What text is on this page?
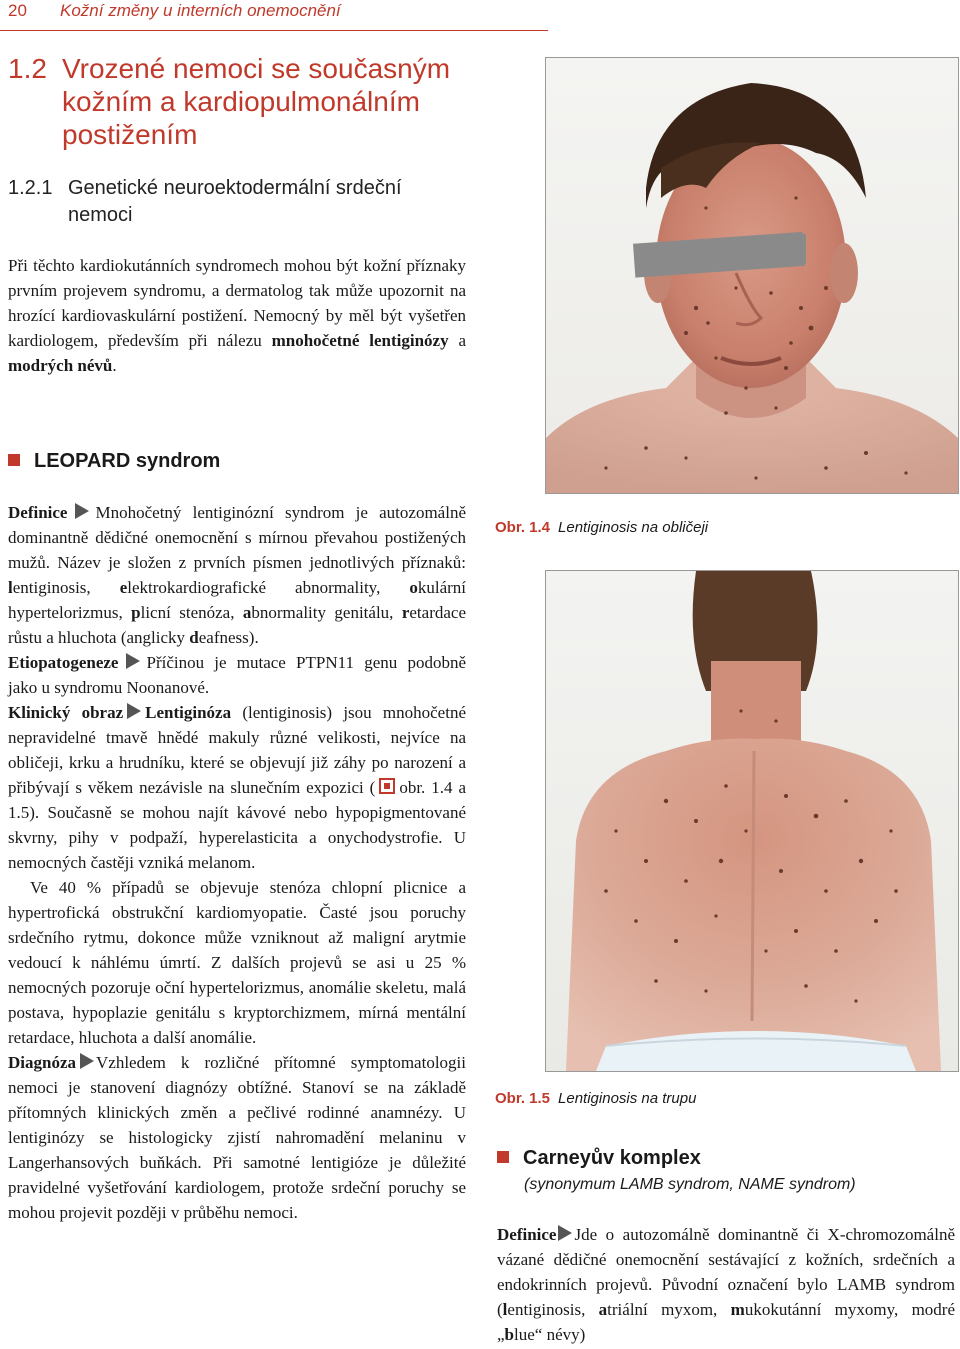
20 Kožní změny u interních onemocnění
1.2 Vrozené nemoci se současným kožním a kardiopulmonálním postižením
1.2.1 Genetické neuroektodermální srdeční nemoci
Při těchto kardiokutánních syndromech mohou být kožní příznaky prvním projevem syndromu, a dermatolog tak může upozornit na hrozící kardiovaskulární postižení. Nemocný by měl být vyšetřen kardiologem, především při nálezu mnohočetné lentiginózy a modrých névů.
LEOPARD syndrom
Definice Mnohočetný lentiginózní syndrom je autozomálně dominantně dědičné onemocnění s mírnou převahou postižených mužů. Název je složen z prvních písmen jednotlivých příznaků: lentiginosis, elektrokardiografické abnormality, okulární hypertelorizmus, plicní stenóza, abnormality genitálu, retardace růstu a hluchota (anglicky deafness).
Etiopatogeneze Příčinou je mutace PTPN11 genu podobně jako u syndromu Noonanové.
Klinický obraz Lentiginóza (lentiginosis) jsou mnohočetné nepravidelné tmavě hnědé makuly různé velikosti, nejvíce na obličeji, krku a hrudníku, které se objevují již záhy po narození a přibývají s věkem nezávisle na slunečním expozici ( obr. 1.4 a 1.5). Současně se mohou najít kávové nebo hypopigmentované skvrny, pihy v podpaží, hyperelasticita a onychodystrofie. U nemocných častěji vzniká melanom.
Ve 40 % případů se objevuje stenóza chlopní plicnice a hypertrofická obstrukční kardiomyopatie. Časté jsou poruchy srdečního rytmu, dokonce může vzniknout až maligní arytmie vedoucí k náhlému úmrtí. Z dalších projevů se asi u 25 % nemocných pozoruje oční hypertelorizmus, anomálie skeletu, malá postava, hypoplazie genitálu s kryptorchizmem, mírná mentální retardace, hluchota a další anomálie.
Diagnóza Vzhledem k rozličné přítomné symptomatologii nemoci je stanovení diagnózy obtížné. Stanoví se na základě přítomných klinických změn a pečlivé rodinné anamnézy. U lentiginózy se histologicky zjistí nahromadění melaninu v Langerhansových buňkách. Při samotné lentigióze je důležité pravidelné vyšetřování kardiologem, protože srdeční poruchy se mohou projevit později v průběhu nemoci.
Obr. 1.4 Lentiginosis na obličeji
Obr. 1.5 Lentiginosis na trupu
Carneyův komplex
(synonymum LAMB syndrom, NAME syndrom)
Definice Jde o autozomálně dominantně či X-chromozomálně vázané dědičné onemocnění sestávající z kožních, srdečních a endokrinních projevů. Původní označení bylo LAMB syndrom (lentiginosis, atriální myxom, mukokutánní myxomy, modré „blue“ névy)
